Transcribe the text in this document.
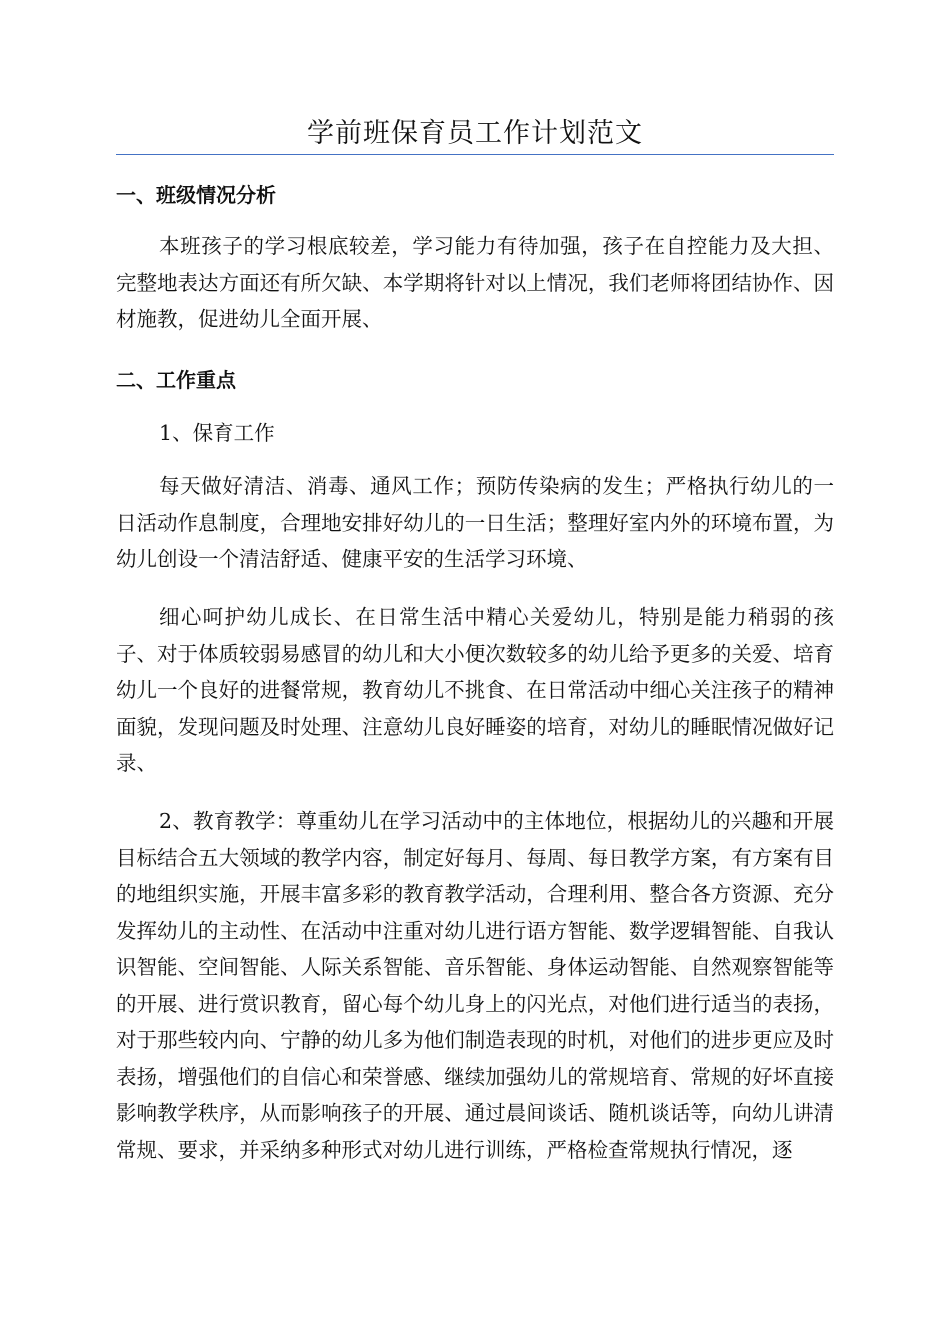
学前班保育员工作计划范文
一、班级情况分析
本班孩子的学习根底较差，学习能力有待加强，孩子在自控能力及大担、完整地表达方面还有所欠缺、本学期将针对以上情况，我们老师将团结协作、因材施教，促进幼儿全面开展、
二、工作重点
1、保育工作
每天做好清洁、消毒、通风工作；预防传染病的发生；严格执行幼儿的一日活动作息制度，合理地安排好幼儿的一日生活；整理好室内外的环境布置，为幼儿创设一个清洁舒适、健康平安的生活学习环境、
细心呵护幼儿成长、在日常生活中精心关爱幼儿，特别是能力稍弱的孩子、对于体质较弱易感冒的幼儿和大小便次数较多的幼儿给予更多的关爱、培育幼儿一个良好的进餐常规，教育幼儿不挑食、在日常活动中细心关注孩子的精神面貌，发现问题及时处理、注意幼儿良好睡姿的培育，对幼儿的睡眠情况做好记录、
2、教育教学：尊重幼儿在学习活动中的主体地位，根据幼儿的兴趣和开展目标结合五大领域的教学内容，制定好每月、每周、每日教学方案，有方案有目的地组织实施，开展丰富多彩的教育教学活动，合理利用、整合各方资源、充分发挥幼儿的主动性、在活动中注重对幼儿进行语方智能、数学逻辑智能、自我认识智能、空间智能、人际关系智能、音乐智能、身体运动智能、自然观察智能等的开展、进行赏识教育，留心每个幼儿身上的闪光点，对他们进行适当的表扬，对于那些较内向、宁静的幼儿多为他们制造表现的时机，对他们的进步更应及时表扬，增强他们的自信心和荣誉感、继续加强幼儿的常规培育、常规的好坏直接影响教学秩序，从而影响孩子的开展、通过晨间谈话、随机谈话等，向幼儿讲清常规、要求，并采纳多种形式对幼儿进行训练，严格检查常规执行情况，逐
